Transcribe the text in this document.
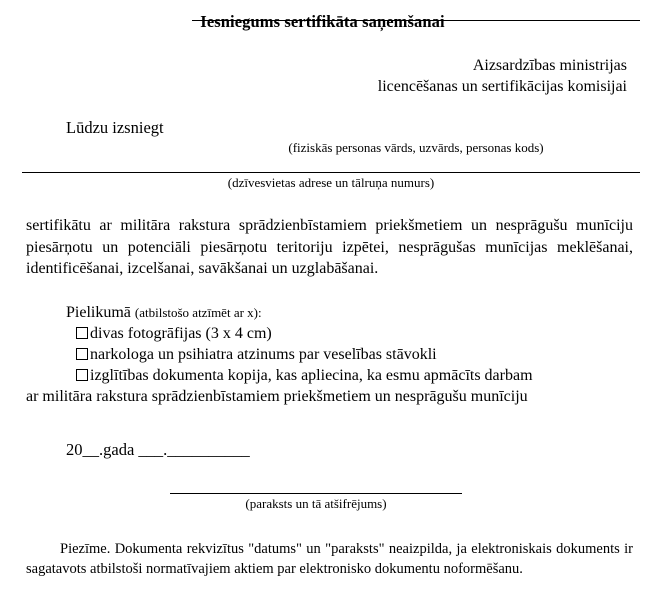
Iesniegums sertifikāta saņemšanai
Aizsardzības ministrijas
licencēšanas un sertifikācijas komisijai
Lūdzu izsniegt
(fiziskās personas vārds, uzvārds, personas kods)
(dzīvesvietas adrese un tālruņa numurs)
sertifikātu ar militāra rakstura sprādzienbīstamiem priekšmetiem un nesprāgušu munīciju piesārņotu un potenciāli piesārņotu teritoriju izpētei, nesprāgušas munīcijas meklēšanai, identificēšanai, izcelšanai, savākšanai un uzglabāšanai.
Pielikumā (atbilstošo atzīmēt ar x):
divas fotogrāfijas (3 x 4 cm)
narkologa un psihiatra atzinums par veselības stāvokli
izglītības dokumenta kopija, kas apliecina, ka esmu apmācīts darbam
ar militāra rakstura sprādzienbīstamiem priekšmetiem un nesprāgušu munīciju
20__.gada ___.__________
(paraksts un tā atšifrējums)
Piezīme. Dokumenta rekvizītus "datums" un "paraksts" neaizpilda, ja elektroniskais dokuments ir sagatavots atbilstoši normatīvajiem aktiem par elektronisko dokumentu noformēšanu.
